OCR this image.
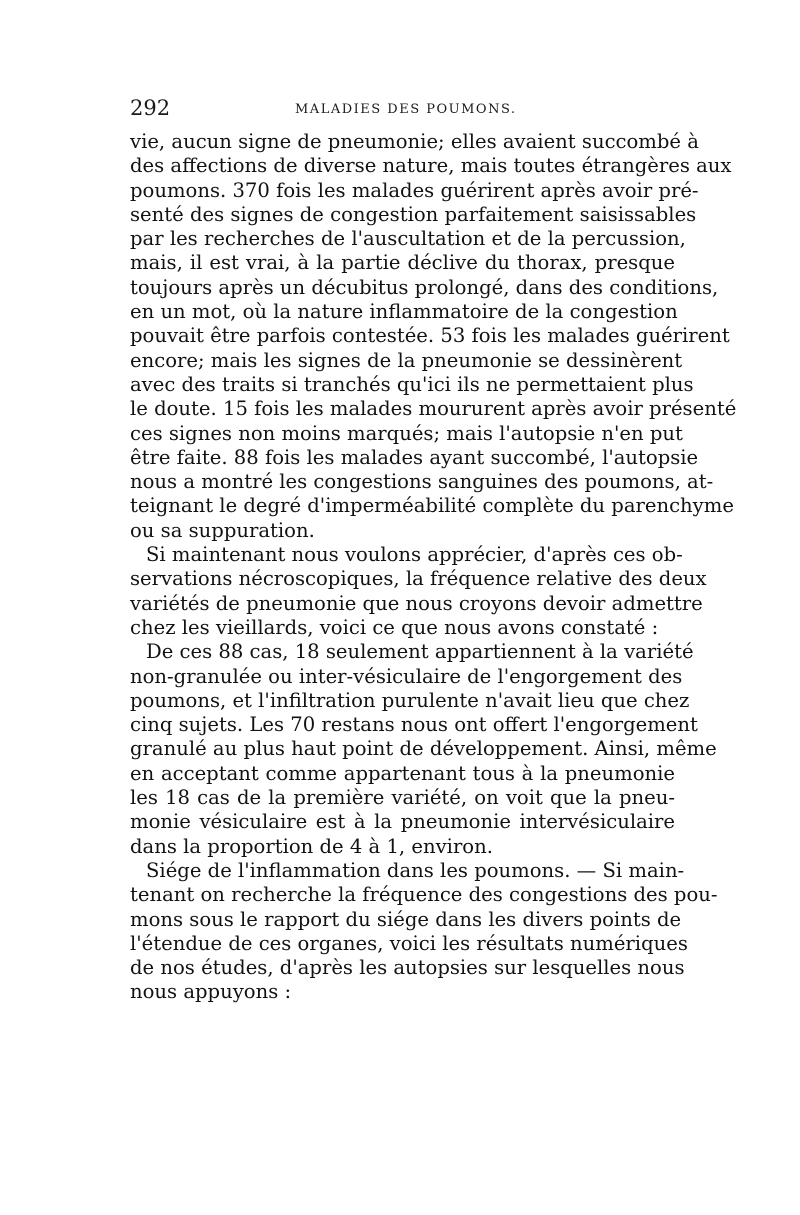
292	MALADIES DES POUMONS.
vie, aucun signe de pneumonie; elles avaient succombé à
des affections de diverse nature, mais toutes étrangères aux
poumons. 370 fois les malades guérirent après avoir pré-
senté des signes de congestion parfaitement saisissables
par les recherches de l'auscultation et de la percussion,
mais, il est vrai, à la partie déclive du thorax, presque
toujours après un décubitus prolongé, dans des conditions,
en un mot, où la nature inflammatoire de la congestion
pouvait être parfois contestée. 53 fois les malades guérirent
encore; mais les signes de la pneumonie se dessinèrent
avec des traits si tranchés qu'ici ils ne permettaient plus
le doute. 15 fois les malades moururent après avoir présenté
ces signes non moins marqués; mais l'autopsie n'en put
être faite. 88 fois les malades ayant succombé, l'autopsie
nous a montré les congestions sanguines des poumons, at-
teignant le degré d'imperméabilité complète du parenchyme
ou sa suppuration.
Si maintenant nous voulons apprécier, d'après ces ob-
servations nécroscopiques, la fréquence relative des deux
variétés de pneumonie que nous croyons devoir admettre
chez les vieillards, voici ce que nous avons constaté :
De ces 88 cas, 18 seulement appartiennent à la variété
non-granulée ou inter-vésiculaire de l'engorgement des
poumons, et l'infiltration purulente n'avait lieu que chez
cinq sujets. Les 70 restans nous ont offert l'engorgement
granulé au plus haut point de développement. Ainsi, même
en acceptant comme appartenant tous à la pneumonie
les 18 cas de la première variété, on voit que la pneu-
monie vésiculaire est à la pneumonie intervésiculaire
dans la proportion de 4 à 1, environ.
Siége de l'inflammation dans les poumons. — Si main-
tenant on recherche la fréquence des congestions des pou-
mons sous le rapport du siége dans les divers points de
l'étendue de ces organes, voici les résultats numériques
de nos études, d'après les autopsies sur lesquelles nous
nous appuyons :
